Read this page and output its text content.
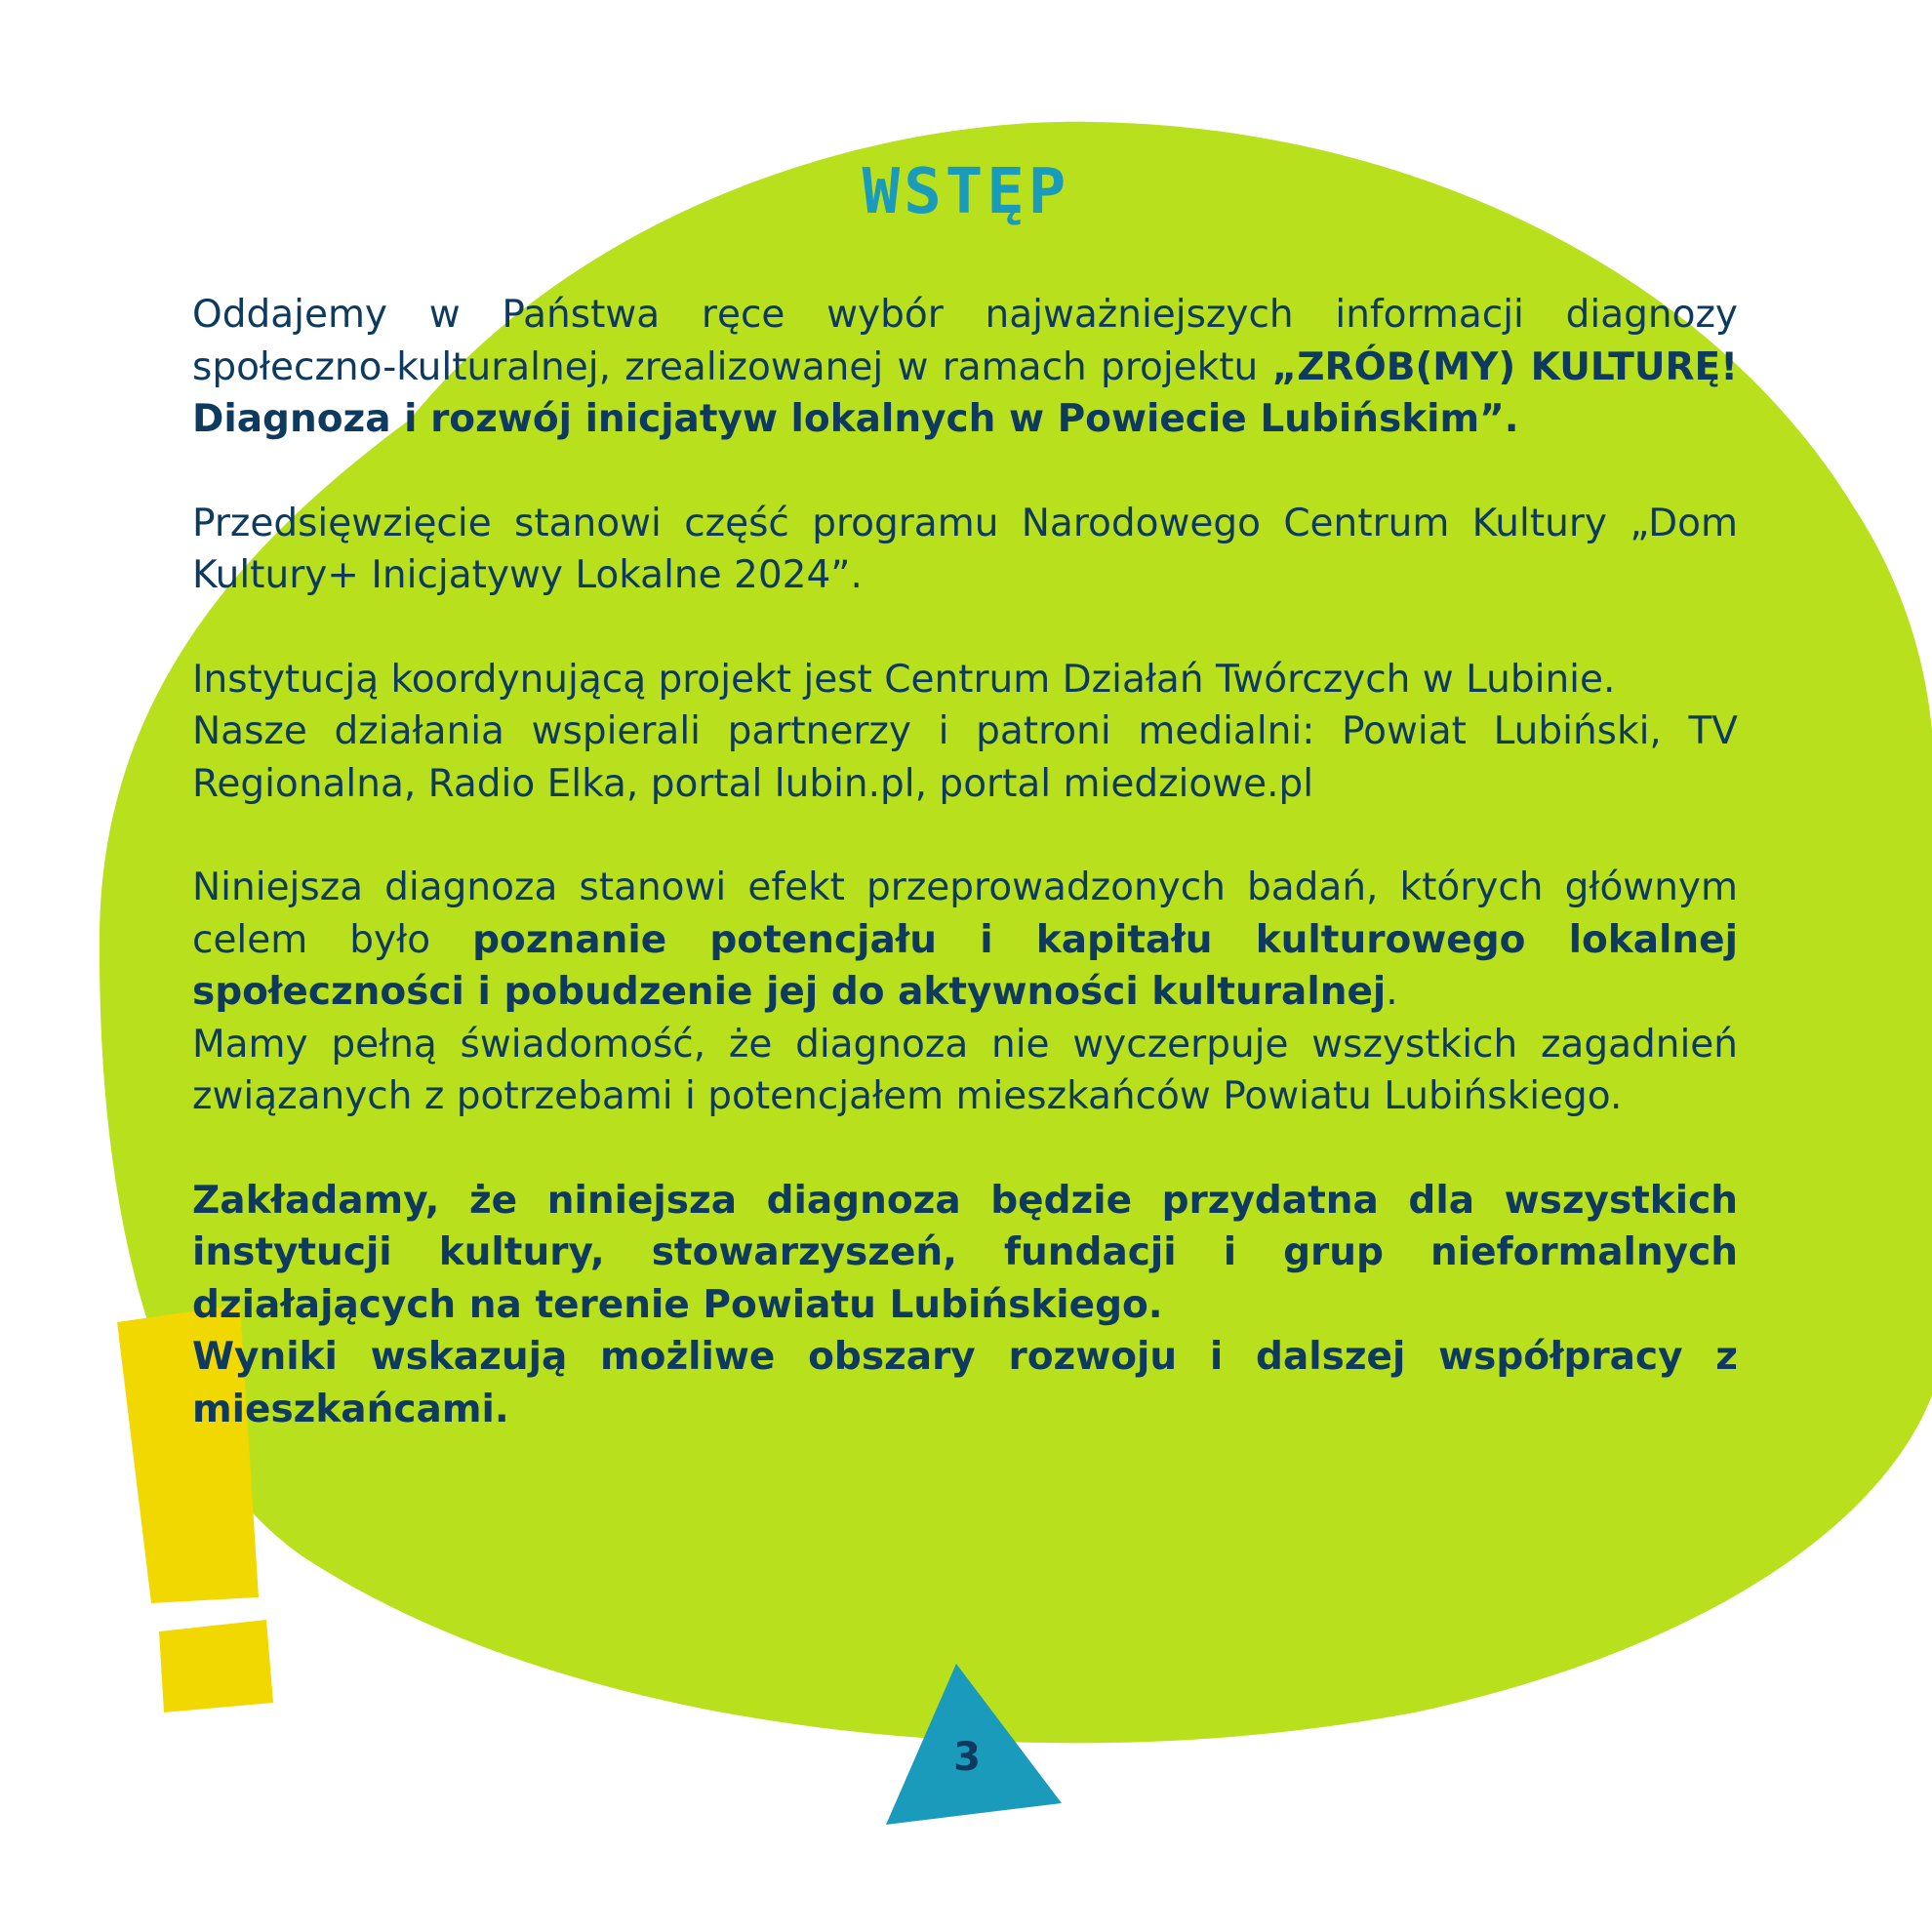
WSTĘP

Oddajemy w Państwa ręce wybór najważniejszych informacji diagnozy społeczno-kulturalnej, zrealizowanej w ramach projektu „ZRÓB(MY) KULTURĘ! Diagnoza i rozwój inicjatyw lokalnych w Powiecie Lubińskim”.

Przedsięwzięcie stanowi część programu Narodowego Centrum Kultury „Dom Kultury+ Inicjatywy Lokalne 2024”.

Instytucją koordynującą projekt jest Centrum Działań Twórczych w Lubinie.

Nasze działania wspierali partnerzy i patroni medialni: Powiat Lubiński, TV Regionalna, Radio Elka, portal lubin.pl, portal miedziowe.pl

Niniejsza diagnoza stanowi efekt przeprowadzonych badań, których głównym celem było poznanie potencjału i kapitału kulturowego lokalnej społeczności i pobudzenie jej do aktywności kulturalnej.

Mamy pełną świadomość, że diagnoza nie wyczerpuje wszystkich zagadnień związanych z potrzebami i potencjałem mieszkańców Powiatu Lubińskiego.

Zakładamy, że niniejsza diagnoza będzie przydatna dla wszystkich instytucji kultury, stowarzyszeń, fundacji i grup nieformalnych działających na terenie Powiatu Lubińskiego.

Wyniki wskazują możliwe obszary rozwoju i dalszej współpracy z mieszkańcami.

3
